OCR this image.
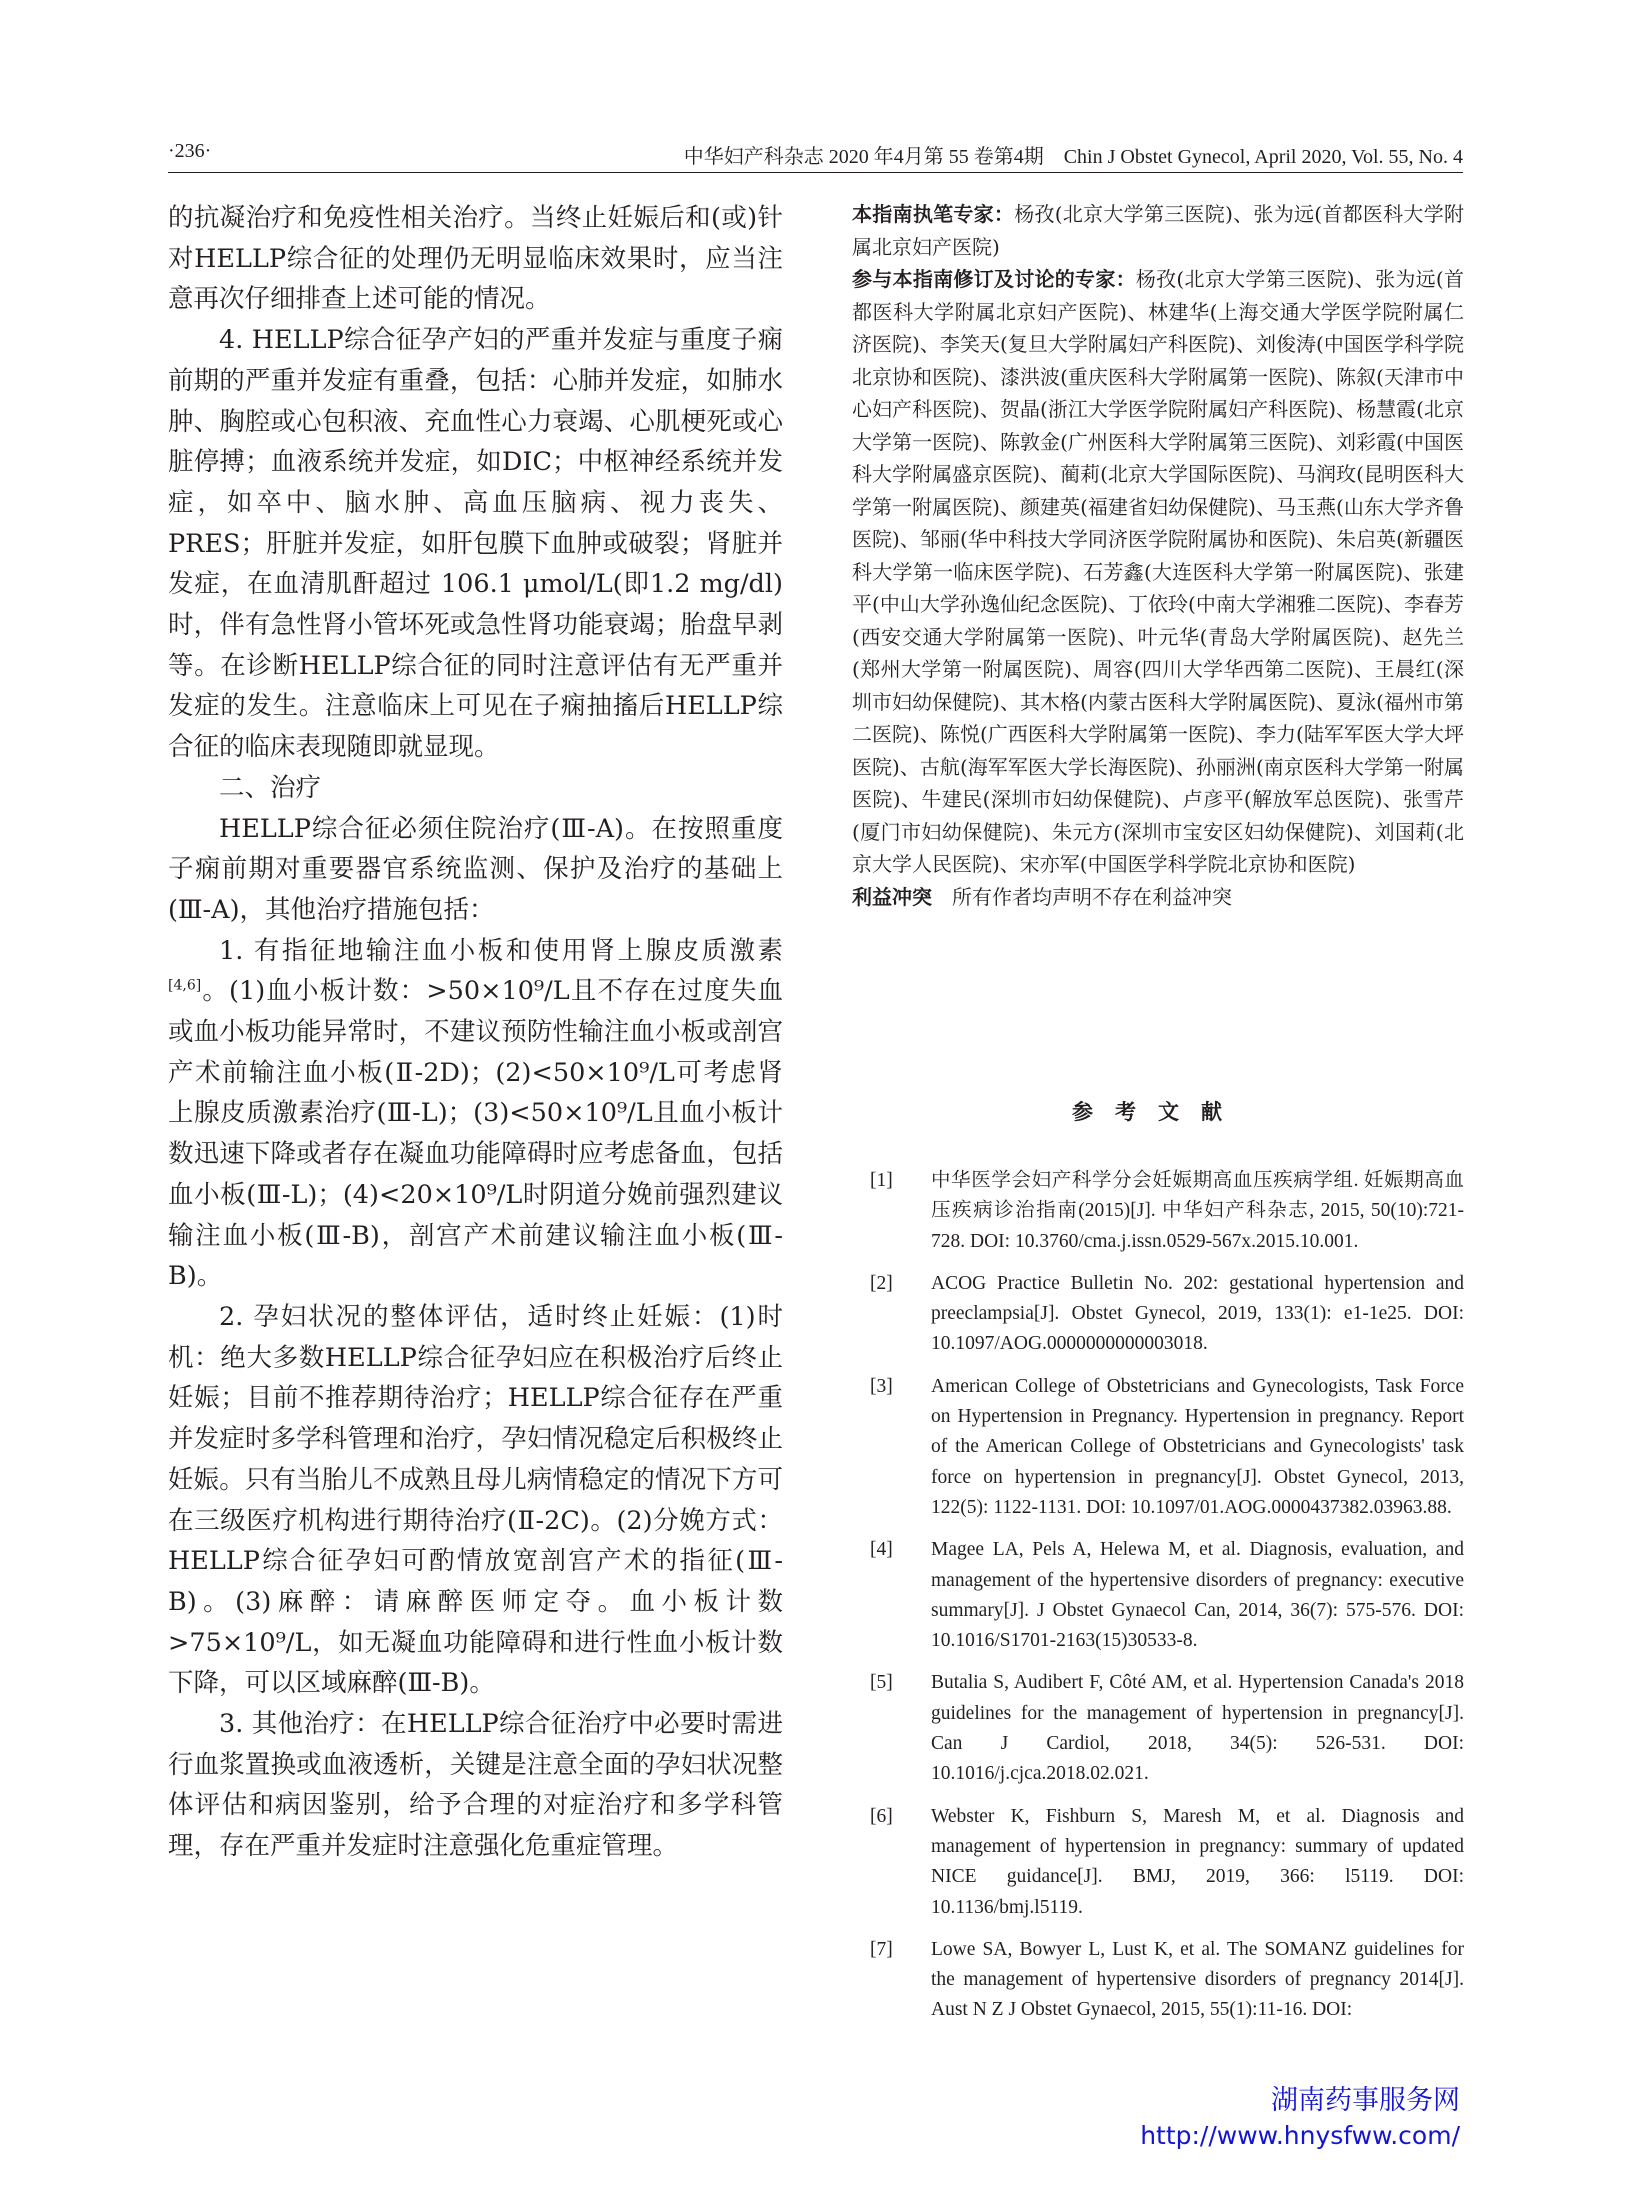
·236·	中华妇产科杂志 2020 年4月第 55 卷第4期　Chin J Obstet Gynecol, April 2020, Vol. 55, No. 4

的抗凝治疗和免疫性相关治疗。当终止妊娠后和(或)针对HELLP综合征的处理仍无明显临床效果时，应当注意再次仔细排查上述可能的情况。

4. HELLP综合征孕产妇的严重并发症与重度子痫前期的严重并发症有重叠，包括：心肺并发症，如肺水肿、胸腔或心包积液、充血性心力衰竭、心肌梗死或心脏停搏；血液系统并发症，如DIC；中枢神经系统并发症，如卒中、脑水肿、高血压脑病、视力丧失、PRES；肝脏并发症，如肝包膜下血肿或破裂；肾脏并发症，在血清肌酐超过 106.1 μmol/L(即1.2 mg/dl)时，伴有急性肾小管坏死或急性肾功能衰竭；胎盘早剥等。在诊断HELLP综合征的同时注意评估有无严重并发症的发生。注意临床上可见在子痫抽搐后HELLP综合征的临床表现随即就显现。

二、治疗

HELLP综合征必须住院治疗(Ⅲ-A)。在按照重度子痫前期对重要器官系统监测、保护及治疗的基础上(Ⅲ-A)，其他治疗措施包括：

1. 有指征地输注血小板和使用肾上腺皮质激素[4,6]。(1)血小板计数：>50×10⁹/L且不存在过度失血或血小板功能异常时，不建议预防性输注血小板或剖宫产术前输注血小板(Ⅱ-2D)；(2)<50×10⁹/L可考虑肾上腺皮质激素治疗(Ⅲ-L)；(3)<50×10⁹/L且血小板计数迅速下降或者存在凝血功能障碍时应考虑备血，包括血小板(Ⅲ-L)；(4)<20×10⁹/L时阴道分娩前强烈建议输注血小板(Ⅲ-B)，剖宫产术前建议输注血小板(Ⅲ-B)。

2. 孕妇状况的整体评估，适时终止妊娠：(1)时机：绝大多数HELLP综合征孕妇应在积极治疗后终止妊娠；目前不推荐期待治疗；HELLP综合征存在严重并发症时多学科管理和治疗，孕妇情况稳定后积极终止妊娠。只有当胎儿不成熟且母儿病情稳定的情况下方可在三级医疗机构进行期待治疗(Ⅱ-2C)。(2)分娩方式：HELLP综合征孕妇可酌情放宽剖宫产术的指征(Ⅲ-B)。(3)麻醉：请麻醉医师定夺。血小板计数>75×10⁹/L，如无凝血功能障碍和进行性血小板计数下降，可以区域麻醉(Ⅲ-B)。

3. 其他治疗：在HELLP综合征治疗中必要时需进行血浆置换或血液透析，关键是注意全面的孕妇状况整体评估和病因鉴别，给予合理的对症治疗和多学科管理，存在严重并发症时注意强化危重症管理。

本指南执笔专家：杨孜(北京大学第三医院)、张为远(首都医科大学附属北京妇产医院)

参与本指南修订及讨论的专家：杨孜(北京大学第三医院)、张为远(首都医科大学附属北京妇产医院)、林建华(上海交通大学医学院附属仁济医院)、李笑天(复旦大学附属妇产科医院)、刘俊涛(中国医学科学院北京协和医院)、漆洪波(重庆医科大学附属第一医院)、陈叙(天津市中心妇产科医院)、贺晶(浙江大学医学院附属妇产科医院)、杨慧霞(北京大学第一医院)、陈敦金(广州医科大学附属第三医院)、刘彩霞(中国医科大学附属盛京医院)、蔺莉(北京大学国际医院)、马润玫(昆明医科大学第一附属医院)、颜建英(福建省妇幼保健院)、马玉燕(山东大学齐鲁医院)、邹丽(华中科技大学同济医学院附属协和医院)、朱启英(新疆医科大学第一临床医学院)、石芳鑫(大连医科大学第一附属医院)、张建平(中山大学孙逸仙纪念医院)、丁依玲(中南大学湘雅二医院)、李春芳(西安交通大学附属第一医院)、叶元华(青岛大学附属医院)、赵先兰(郑州大学第一附属医院)、周容(四川大学华西第二医院)、王晨红(深圳市妇幼保健院)、其木格(内蒙古医科大学附属医院)、夏泳(福州市第二医院)、陈悦(广西医科大学附属第一医院)、李力(陆军军医大学大坪医院)、古航(海军军医大学长海医院)、孙丽洲(南京医科大学第一附属医院)、牛建民(深圳市妇幼保健院)、卢彦平(解放军总医院)、张雪芹(厦门市妇幼保健院)、朱元方(深圳市宝安区妇幼保健院)、刘国莉(北京大学人民医院)、宋亦军(中国医学科学院北京协和医院)

利益冲突　 所有作者均声明不存在利益冲突

参考文献
[1]	中华医学会妇产科学分会妊娠期高血压疾病学组. 妊娠期高血压疾病诊治指南(2015)[J]. 中华妇产科杂志, 2015, 50(10):721-728. DOI: 10.3760/cma.j.issn.0529-567x.2015.10.001.
[2]	ACOG Practice Bulletin No. 202: gestational hypertension and preeclampsia[J]. Obstet Gynecol, 2019, 133(1): e1-1e25. DOI: 10.1097/AOG.0000000000003018.
[3]	American College of Obstetricians and Gynecologists, Task Force on Hypertension in Pregnancy. Hypertension in pregnancy. Report of the American College of Obstetricians and Gynecologists' task force on hypertension in pregnancy[J]. Obstet Gynecol, 2013, 122(5): 1122-1131. DOI: 10.1097/01.AOG.0000437382.03963.88.
[4]	Magee LA, Pels A, Helewa M, et al. Diagnosis, evaluation, and management of the hypertensive disorders of pregnancy: executive summary[J]. J Obstet Gynaecol Can, 2014, 36(7): 575-576. DOI: 10.1016/S1701-2163(15)30533-8.
[5]	Butalia S, Audibert F, Côté AM, et al. Hypertension Canada's 2018 guidelines for the management of hypertension in pregnancy[J]. Can J Cardiol, 2018, 34(5): 526-531. DOI: 10.1016/j.cjca.2018.02.021.
[6]	Webster K, Fishburn S, Maresh M, et al. Diagnosis and management of hypertension in pregnancy: summary of updated NICE guidance[J]. BMJ, 2019, 366: l5119. DOI: 10.1136/bmj.l5119.
[7]	Lowe SA, Bowyer L, Lust K, et al. The SOMANZ guidelines for the management of hypertensive disorders of pregnancy 2014[J]. Aust N Z J Obstet Gynaecol, 2015, 55(1):11-16. DOI:
湖南药事服务网
http://www.hnysfww.com/
